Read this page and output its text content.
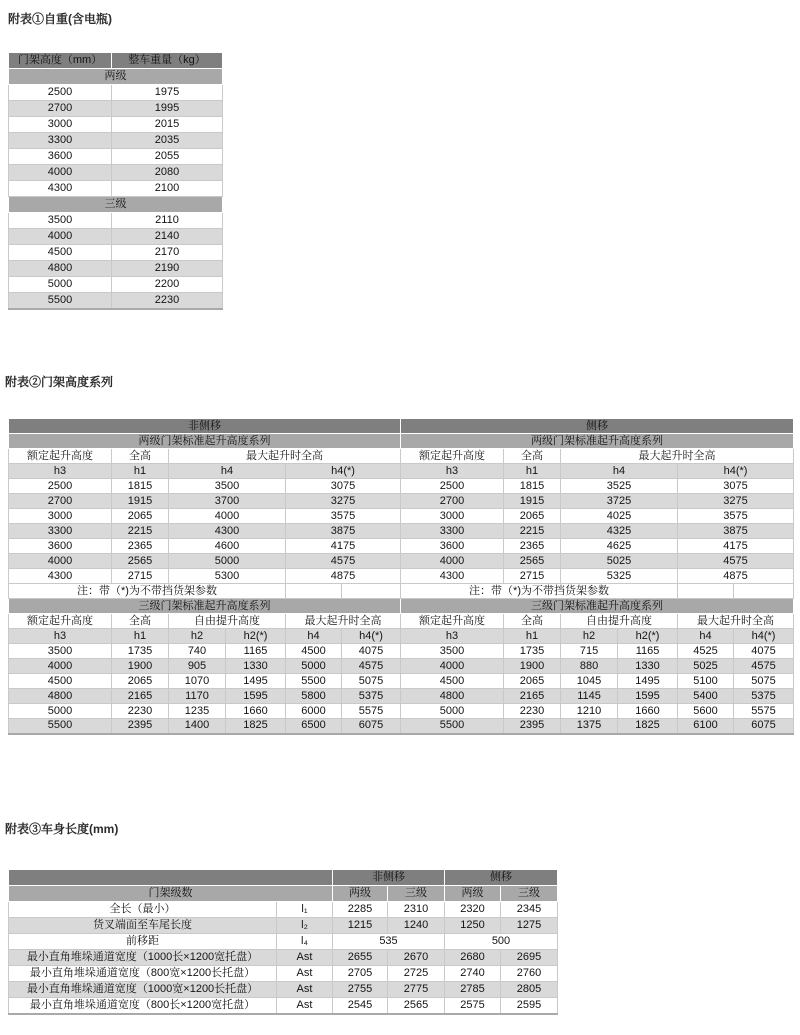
附表①自重(含电瓶)
门架高度（mm）	整车重量（kg）
两级	
2500	1975
2700	1995
3000	2015
3300	2035
3600	2055
4000	2080
4300	2100
三级	
3500	2110
4000	2140
4500	2170
4800	2190
5000	2200
5500	2230
附表②门架高度系列
非侧移						侧移					
两级门架标准起升高度系列						两级门架标准起升高度系列					
额定起升高度	全高	最大起升时全高				额定起升高度	全高	最大起升时全高			
h3	h1	h4		h4(*)		h3	h1	h4		h4(*)	
2500	1815	3500		3075		2500	1815	3525		3075	
2700	1915	3700		3275		2700	1915	3725		3275	
3000	2065	4000		3575		3000	2065	4025		3575	
3300	2215	4300		3875		3300	2215	4325		3875	
3600	2365	4600		4175		3600	2365	4625		4175	
4000	2565	5000		4575		4000	2565	5025		4575	
4300	2715	5300		4875		4300	2715	5325		4875	
注：带（*)为不带挡货架参数						注：带（*)为不带挡货架参数					
三级门架标准起升高度系列						三级门架标准起升高度系列					
额定起升高度	全高	自由提升高度		最大起升时全高		额定起升高度	全高	自由提升高度		最大起升时全高	
h3	h1	h2	h2(*)	h4	h4(*)	h3	h1	h2	h2(*)	h4	h4(*)
3500	1735	740	1165	4500	4075	3500	1735	715	1165	4525	4075
4000	1900	905	1330	5000	4575	4000	1900	880	1330	5025	4575
4500	2065	1070	1495	5500	5075	4500	2065	1045	1495	5100	5075
4800	2165	1170	1595	5800	5375	4800	2165	1145	1595	5400	5375
5000	2230	1235	1660	6000	5575	5000	2230	1210	1660	5600	5575
5500	2395	1400	1825	6500	6075	5500	2395	1375	1825	6100	6075
附表③车身长度(mm)
		非侧移		侧移	
门架级数		两级	三级	两级	三级
全长（最小）	l₁	2285	2310	2320	2345
货叉端面至车尾长度	l₂	1215	1240	1250	1275
前移距	l₄	535		500	
最小直角堆垛通道宽度（1000长×1200宽托盘）	Ast	2655	2670	2680	2695
最小直角堆垛通道宽度（800宽×1200长托盘）	Ast	2705	2725	2740	2760
最小直角堆垛通道宽度（1000宽×1200长托盘）	Ast	2755	2775	2785	2805
最小直角堆垛通道宽度（800长×1200宽托盘）	Ast	2545	2565	2575	2595
